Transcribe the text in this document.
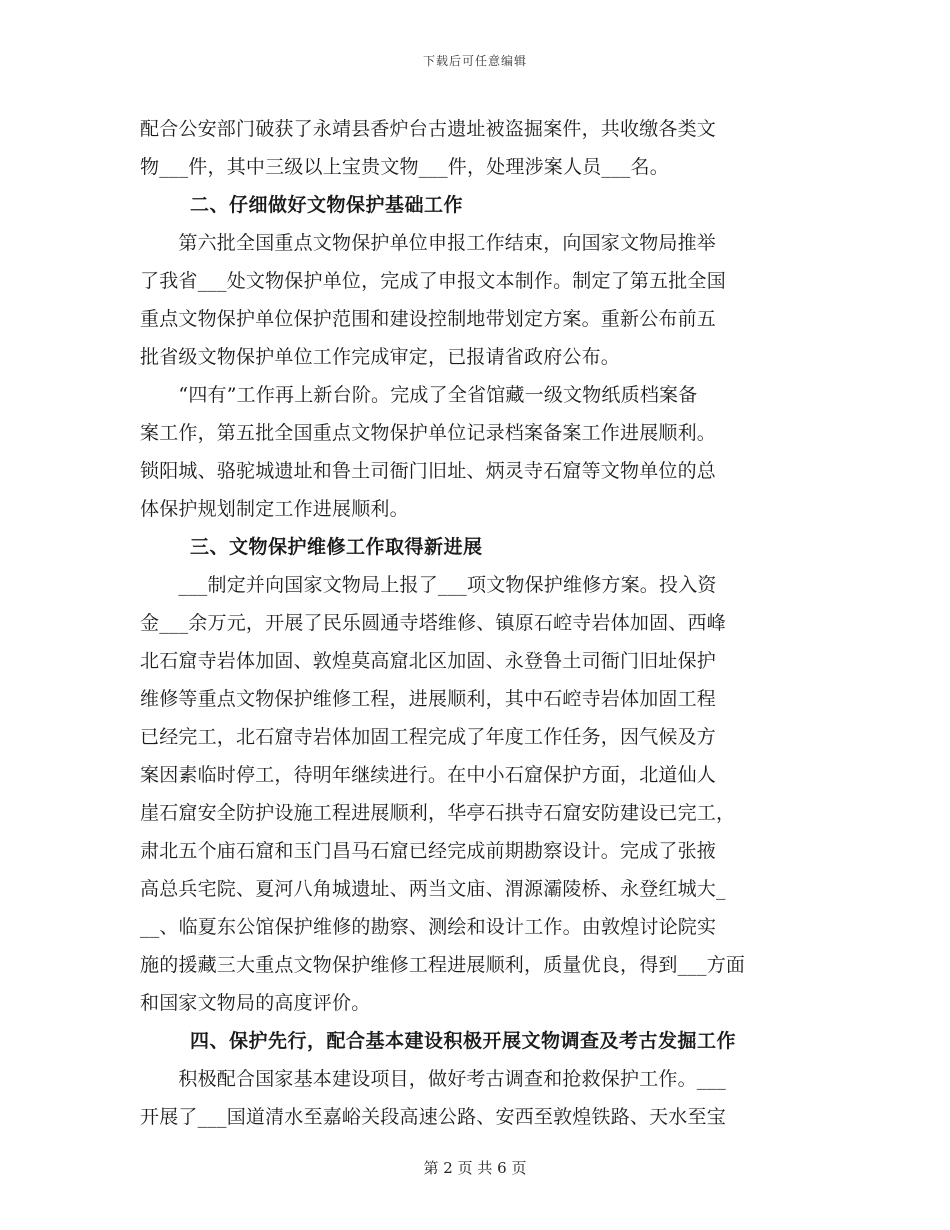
下载后可任意编辑
配合公安部门破获了永靖县香炉台古遗址被盗掘案件，共收缴各类文
物___件，其中三级以上宝贵文物___件，处理涉案人员___名。
二、仔细做好文物保护基础工作
　　第六批全国重点文物保护单位申报工作结束，向国家文物局推举
了我省___处文物保护单位，完成了申报文本制作。制定了第五批全国
重点文物保护单位保护范围和建设控制地带划定方案。重新公布前五
批省级文物保护单位工作完成审定，已报请省政府公布。
　　“四有”工作再上新台阶。完成了全省馆藏一级文物纸质档案备
案工作，第五批全国重点文物保护单位记录档案备案工作进展顺利。
锁阳城、骆驼城遗址和鲁土司衙门旧址、炳灵寺石窟等文物单位的总
体保护规划制定工作进展顺利。
三、文物保护维修工作取得新进展
　　___制定并向国家文物局上报了___项文物保护维修方案。投入资
金___余万元，开展了民乐圆通寺塔维修、镇原石崆寺岩体加固、西峰
北石窟寺岩体加固、敦煌莫高窟北区加固、永登鲁土司衙门旧址保护
维修等重点文物保护维修工程，进展顺利，其中石崆寺岩体加固工程
已经完工，北石窟寺岩体加固工程完成了年度工作任务，因气候及方
案因素临时停工，待明年继续进行。在中小石窟保护方面，北道仙人
崖石窟安全防护设施工程进展顺利，华亭石拱寺石窟安防建设已完工，
肃北五个庙石窟和玉门昌马石窟已经完成前期勘察设计。完成了张掖
高总兵宅院、夏河八角城遗址、两当文庙、渭源灞陵桥、永登红城大_
__、临夏东公馆保护维修的勘察、测绘和设计工作。由敦煌讨论院实
施的援藏三大重点文物保护维修工程进展顺利，质量优良，得到___方面
和国家文物局的高度评价。
四、保护先行，配合基本建设积极开展文物调查及考古发掘工作
　　积极配合国家基本建设项目，做好考古调查和抢救保护工作。___
开展了___国道清水至嘉峪关段高速公路、安西至敦煌铁路、天水至宝
第 2 页 共 6 页
